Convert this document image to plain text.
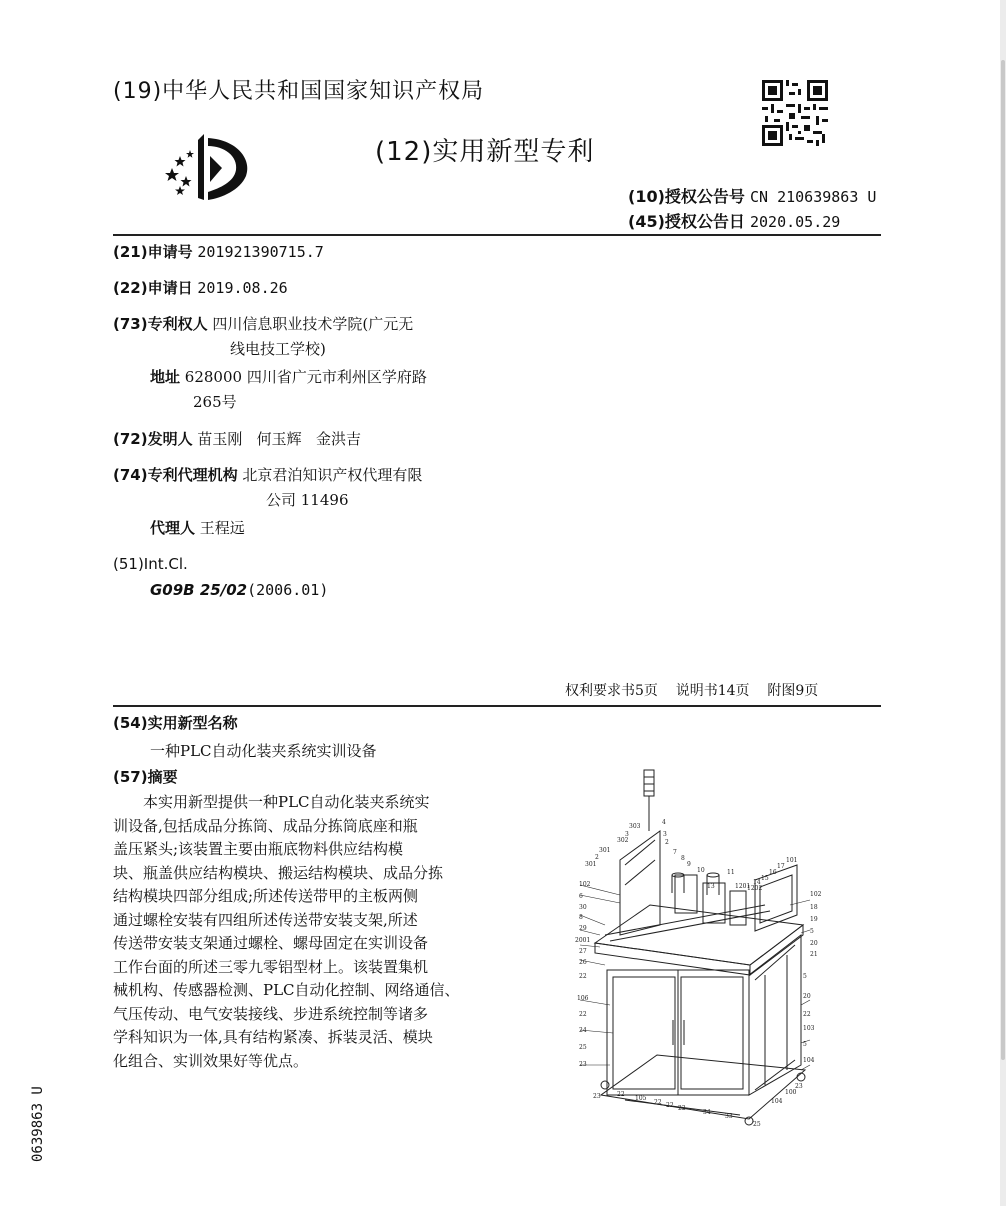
(19)中华人民共和国国家知识产权局
(12)实用新型专利
(10)授权公告号 CN 210639863 U
(45)授权公告日 2020.05.29
(21)申请号 201921390715.7
(22)申请日 2019.08.26
(73)专利权人 四川信息职业技术学院(广元无
线电技工学校)
地址 628000 四川省广元市利州区学府路
265号
(72)发明人 苗玉刚   何玉辉   金洪吉
(74)专利代理机构 北京君泊知识产权代理有限
公司 11496
代理人 王程远
(51)Int.Cl.
G09B 25/02(2006.01)
权利要求书5页    说明书14页    附图9页
(54)实用新型名称
一种PLC自动化装夹系统实训设备
(57)摘要
　　本实用新型提供一种PLC自动化装夹系统实
训设备,包括成品分拣筒、成品分拣筒底座和瓶
盖压紧头;该装置主要由瓶底物料供应结构模
块、瓶盖供应结构模块、搬运结构模块、成品分拣
结构模块四部分组成;所述传送带甲的主板两侧
通过螺栓安装有四组所述传送带安装支架,所述
传送带安装支架通过螺栓、螺母固定在实训设备
工作台面的所述三零九零铝型材上。该装置集机
械机构、传感器检测、PLC自动化控制、网络通信、
气压传动、电气安装接线、步进系统控制等诸多
学科知识为一体,具有结构紧凑、拆装灵活、模块
化组合、实训效果好等优点。
0639863 U
303
4
3
302
301
2
3
301
2
7
8
9
10	11
13	1201
1202
14
15
16
17
101
102
18
19
5
20
21
102
6
30
8
29
2001
27
26
22
106
22
24
25
23
23	22
105
22 22 22
34
33
25
104
100
23
5
20
22
103
5
104
